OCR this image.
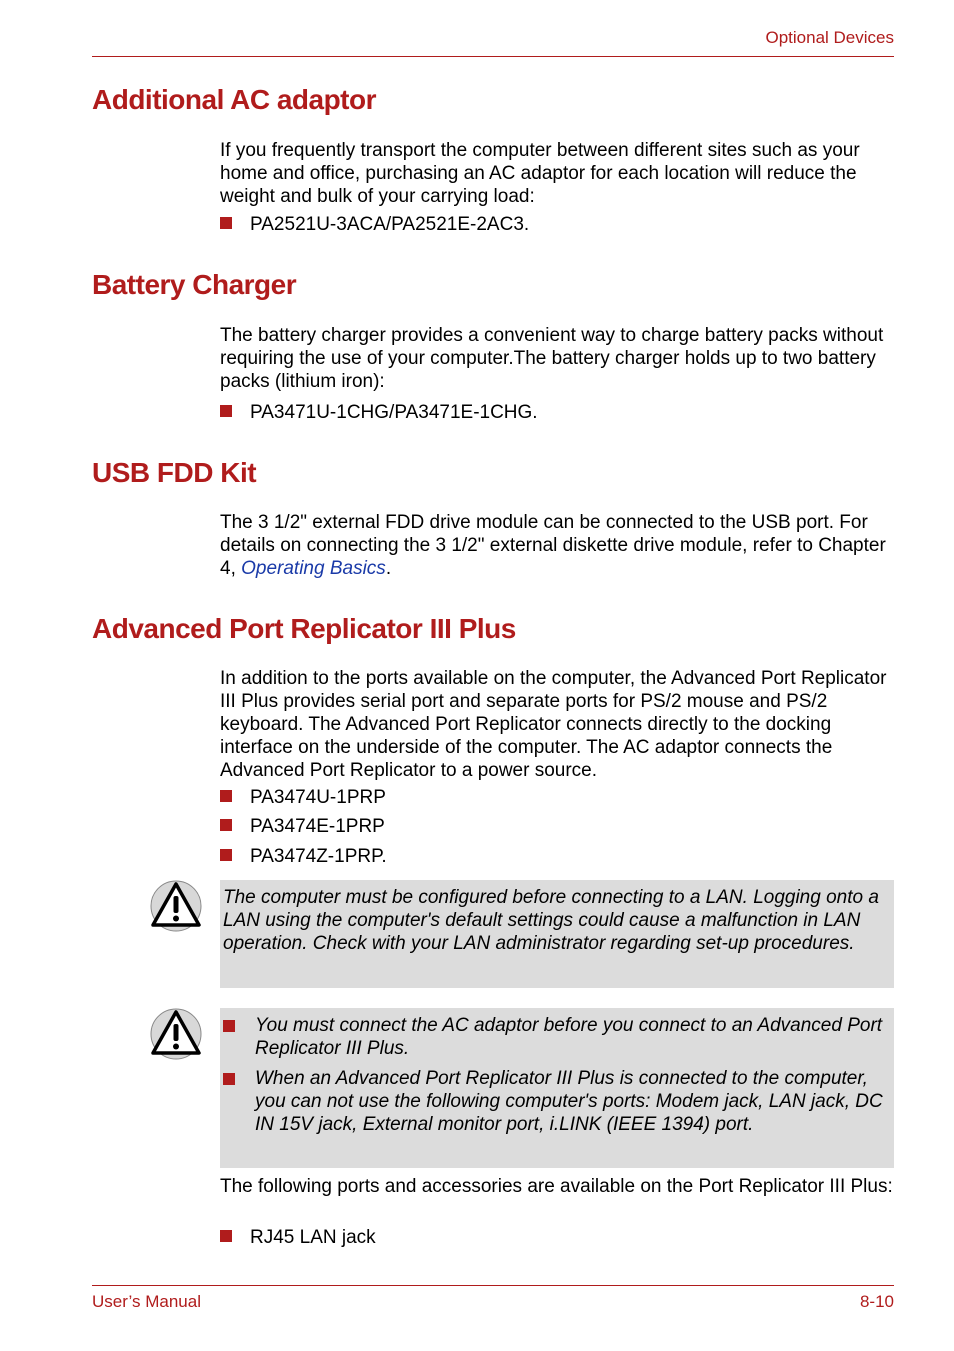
Optional Devices
Additional AC adaptor

If you frequently transport the computer between different sites such as your home and office, purchasing an AC adaptor for each location will reduce the weight and bulk of your carrying load:

PA2521U-3ACA/PA2521E-2AC3.
Battery Charger

The battery charger provides a convenient way to charge battery packs without requiring the use of your computer.The battery charger holds up to two battery packs (lithium iron):

PA3471U-1CHG/PA3471E-1CHG.
USB FDD Kit

The 3 1/2" external FDD drive module can be connected to the USB port. For details on connecting the 3 1/2" external diskette drive module, refer to Chapter 4, Operating Basics.

Advanced Port Replicator III Plus

In addition to the ports available on the computer, the Advanced Port Replicator III Plus provides serial port and separate ports for PS/2 mouse and PS/2 keyboard. The Advanced Port Replicator connects directly to the docking interface on the underside of the computer. The AC adaptor connects the Advanced Port Replicator to a power source.

PA3474U-1PRP
PA3474E-1PRP
PA3474Z-1PRP.
The computer must be configured before connecting to a LAN. Logging onto a LAN using the computer's default settings could cause a malfunction in LAN operation. Check with your LAN administrator regarding set-up procedures.
You must connect the AC adaptor before you connect to an Advanced Port Replicator III Plus.
When an Advanced Port Replicator III Plus is connected to the computer, you can not use the following computer's ports: Modem jack, LAN jack, DC IN 15V jack, External monitor port, i.LINK (IEEE 1394) port.

The following ports and accessories are available on the Port Replicator III Plus:

RJ45 LAN jack
User’s Manual	8-10
